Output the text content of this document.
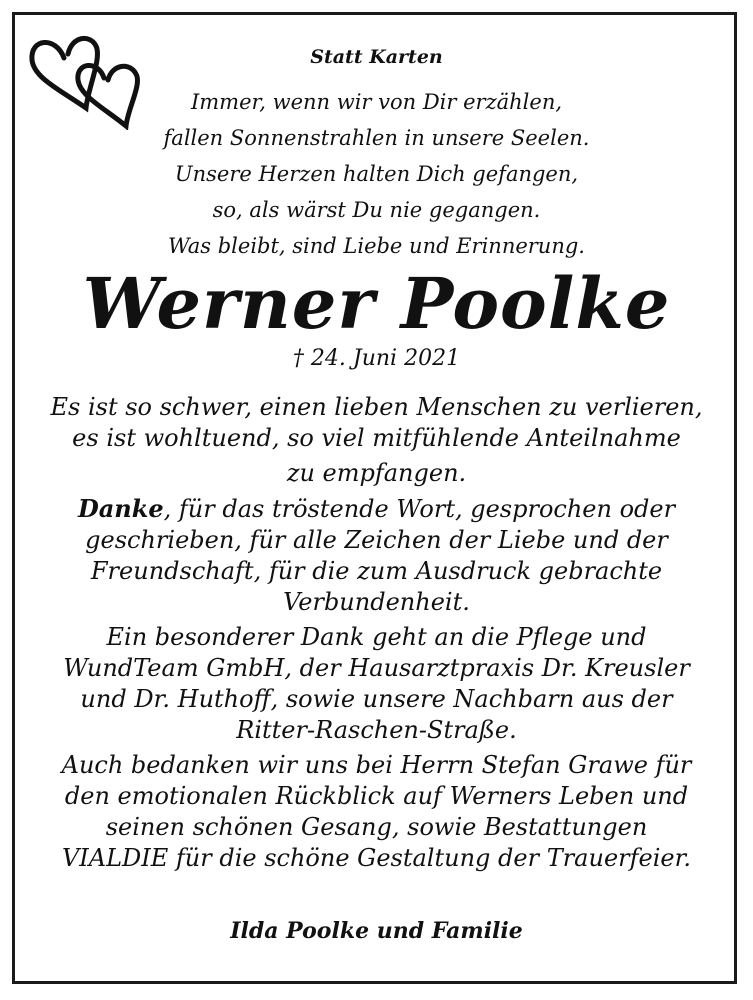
Statt Karten
Immer, wenn wir von Dir erzählen,
fallen Sonnenstrahlen in unsere Seelen.
Unsere Herzen halten Dich gefangen,
so, als wärst Du nie gegangen.
Was bleibt, sind Liebe und Erinnerung.
Werner Poolke
† 24. Juni 2021
Es ist so schwer, einen lieben Menschen zu verlieren,
es ist wohltuend, so viel mitfühlende Anteilnahme
zu empfangen.
Danke, für das tröstende Wort, gesprochen oder
geschrieben, für alle Zeichen der Liebe und der
Freundschaft, für die zum Ausdruck gebrachte
Verbundenheit.
Ein besonderer Dank geht an die Pflege und
WundTeam GmbH, der Hausarztpraxis Dr. Kreusler
und Dr. Huthoff, sowie unsere Nachbarn aus der
Ritter-Raschen-Straße.
Auch bedanken wir uns bei Herrn Stefan Grawe für
den emotionalen Rückblick auf Werners Leben und
seinen schönen Gesang, sowie Bestattungen
VIALDIE für die schöne Gestaltung der Trauerfeier.
Ilda Poolke und Familie
